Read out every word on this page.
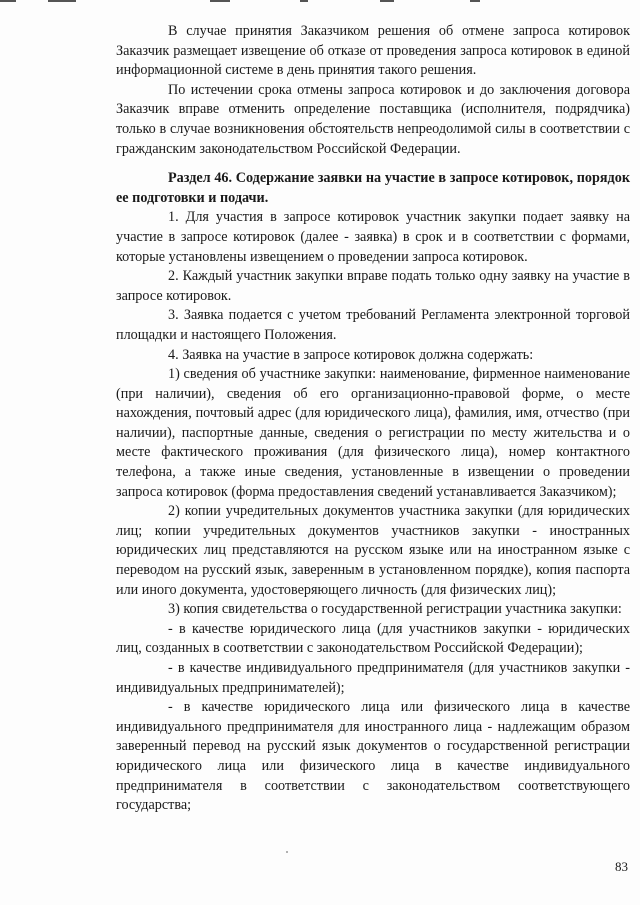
В случае принятия Заказчиком решения об отмене запроса котировок Заказчик размещает извещение об отказе от проведения запроса котировок в единой информационной системе в день принятия такого решения.

По истечении срока отмены запроса котировок и до заключения договора Заказчик вправе отменить определение поставщика (исполнителя, подрядчика) только в случае возникновения обстоятельств непреодолимой силы в соответствии с гражданским законодательством Российской Федерации.

Раздел 46. Содержание заявки на участие в запросе котировок, порядок ее подготовки и подачи.

1. Для участия в запросе котировок участник закупки подает заявку на участие в запросе котировок (далее - заявка) в срок и в соответствии с формами, которые установлены извещением о проведении запроса котировок.

2. Каждый участник закупки вправе подать только одну заявку на участие в запросе котировок.

3. Заявка подается с учетом требований Регламента электронной торговой площадки и настоящего Положения.

4. Заявка на участие в запросе котировок должна содержать:

1) сведения об участнике закупки: наименование, фирменное наименование (при наличии), сведения об его организационно-правовой форме, о месте нахождения, почтовый адрес (для юридического лица), фамилия, имя, отчество (при наличии), паспортные данные, сведения о регистрации по месту жительства и о месте фактического проживания (для физического лица), номер контактного телефона, а также иные сведения, установленные в извещении о проведении запроса котировок (форма предоставления сведений устанавливается Заказчиком);

2) копии учредительных документов участника закупки (для юридических лиц; копии учредительных документов участников закупки - иностранных юридических лиц представляются на русском языке или на иностранном языке с переводом на русский язык, заверенным в установленном порядке), копия паспорта или иного документа, удостоверяющего личность (для физических лиц);

3) копия свидетельства о государственной регистрации участника закупки:

- в качестве юридического лица (для участников закупки - юридических лиц, созданных в соответствии с законодательством Российской Федерации);

- в качестве индивидуального предпринимателя (для участников закупки - индивидуальных предпринимателей);

- в качестве юридического лица или физического лица в качестве индивидуального предпринимателя для иностранного лица - надлежащим образом заверенный перевод на русский язык документов о государственной регистрации юридического лица или физического лица в качестве индивидуального предпринимателя в соответствии с законодательством соответствующего государства;

83
